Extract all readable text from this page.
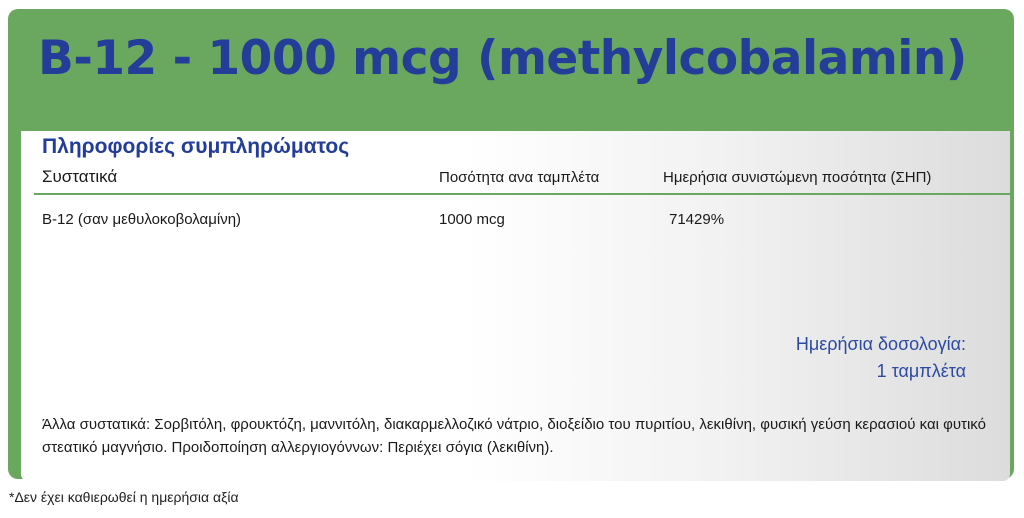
B-12 - 1000 mcg (methylcobalamin)
Πληροφορίες συμπληρώματος
Συστατικά	Ποσότητα ανα ταμπλέτα	Ημερήσια συνιστώμενη ποσότητα (ΣΗΠ)
B-12 (σαν μεθυλοκοβολαμίνη)	1000 mcg	71429%
Ημερήσια δοσολογία:
1 ταμπλέτα
Άλλα συστατικά: Σορβιτόλη, φρουκτόζη, μαννιτόλη, διακαρμελλοζικό νάτριο, διοξείδιο του πυριτίου, λεκιθίνη, φυσική γεύση κερασιού και φυτικό στεατικό μαγνήσιο. Προιδοποίηση αλλεργιογόννων: Περιέχει σόγια (λεκιθίνη).
*Δεν έχει καθιερωθεί η ημερήσια αξία
